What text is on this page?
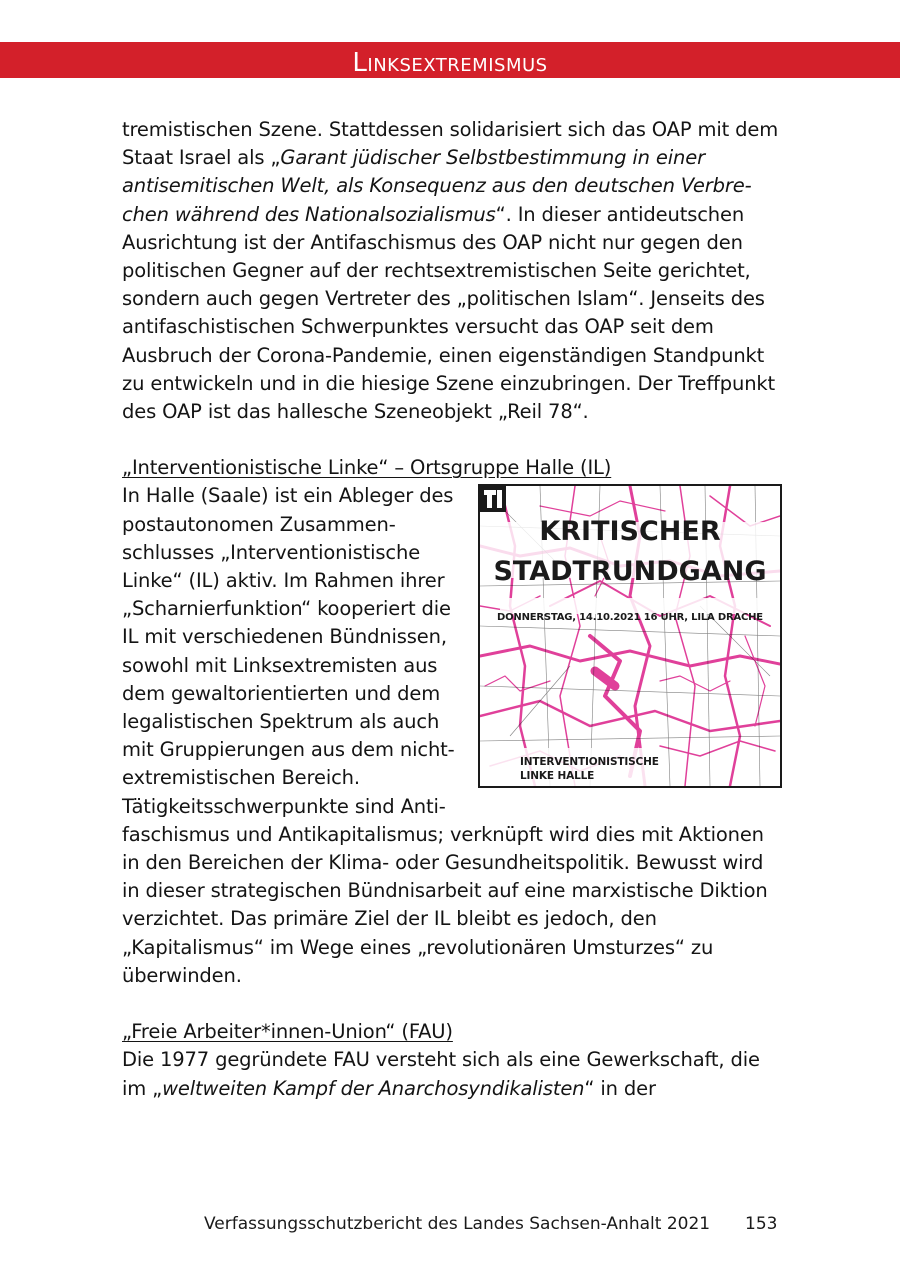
Linksextremismus

tremistischen Szene. Stattdessen solidarisiert sich das OAP mit dem Staat Israel als „Garant jüdischer Selbstbestimmung in einer antisemitischen Welt, als Konsequenz aus den deutschen Verbrechen während des Nationalsozialismus“. In dieser antideutschen Ausrichtung ist der Antifaschismus des OAP nicht nur gegen den politischen Gegner auf der rechtsextremistischen Seite gerichtet, sondern auch gegen Vertreter des „politischen Islam“. Jenseits des antifaschistischen Schwerpunktes versucht das OAP seit dem Ausbruch der Corona-Pandemie, einen eigenständigen Standpunkt zu entwickeln und in die hiesige Szene einzubringen. Der Treffpunkt des OAP ist das hallesche Szeneobjekt „Reil 78“.

„Interventionistische Linke“ – Ortsgruppe Halle (IL)

KRITISCHER
STADTRUNDGANG
DONNERSTAG, 14.10.2021 16 UHR, LILA DRACHE
INTERVENTIONISTISCHE
LINKE HALLE

In Halle (Saale) ist ein Ableger des postautonomen Zusammenschlusses „Interventionistische Linke“ (IL) aktiv. Im Rahmen ihrer „Scharnierfunktion“ kooperiert die IL mit verschiedenen Bündnissen, sowohl mit Linksextremisten aus dem gewaltorientierten und dem legalistischen Spektrum als auch mit Gruppierungen aus dem nichtextremistischen Bereich. Tätigkeitsschwerpunkte sind Antifaschismus und Antikapitalismus; verknüpft wird dies mit Aktionen in den Bereichen der Klima- oder Gesundheitspolitik. Bewusst wird in dieser strategischen Bündnisarbeit auf eine marxistische Diktion verzichtet. Das primäre Ziel der IL bleibt es jedoch, den „Kapitalismus“ im Wege eines „revolutionären Umsturzes“ zu überwinden.

„Freie Arbeiter*innen-Union“ (FAU)

Die 1977 gegründete FAU versteht sich als eine Gewerkschaft, die im „weltweiten Kampf der Anarchosyndikalisten“ in der

Verfassungsschutzbericht des Landes Sachsen-Anhalt 2021 153
